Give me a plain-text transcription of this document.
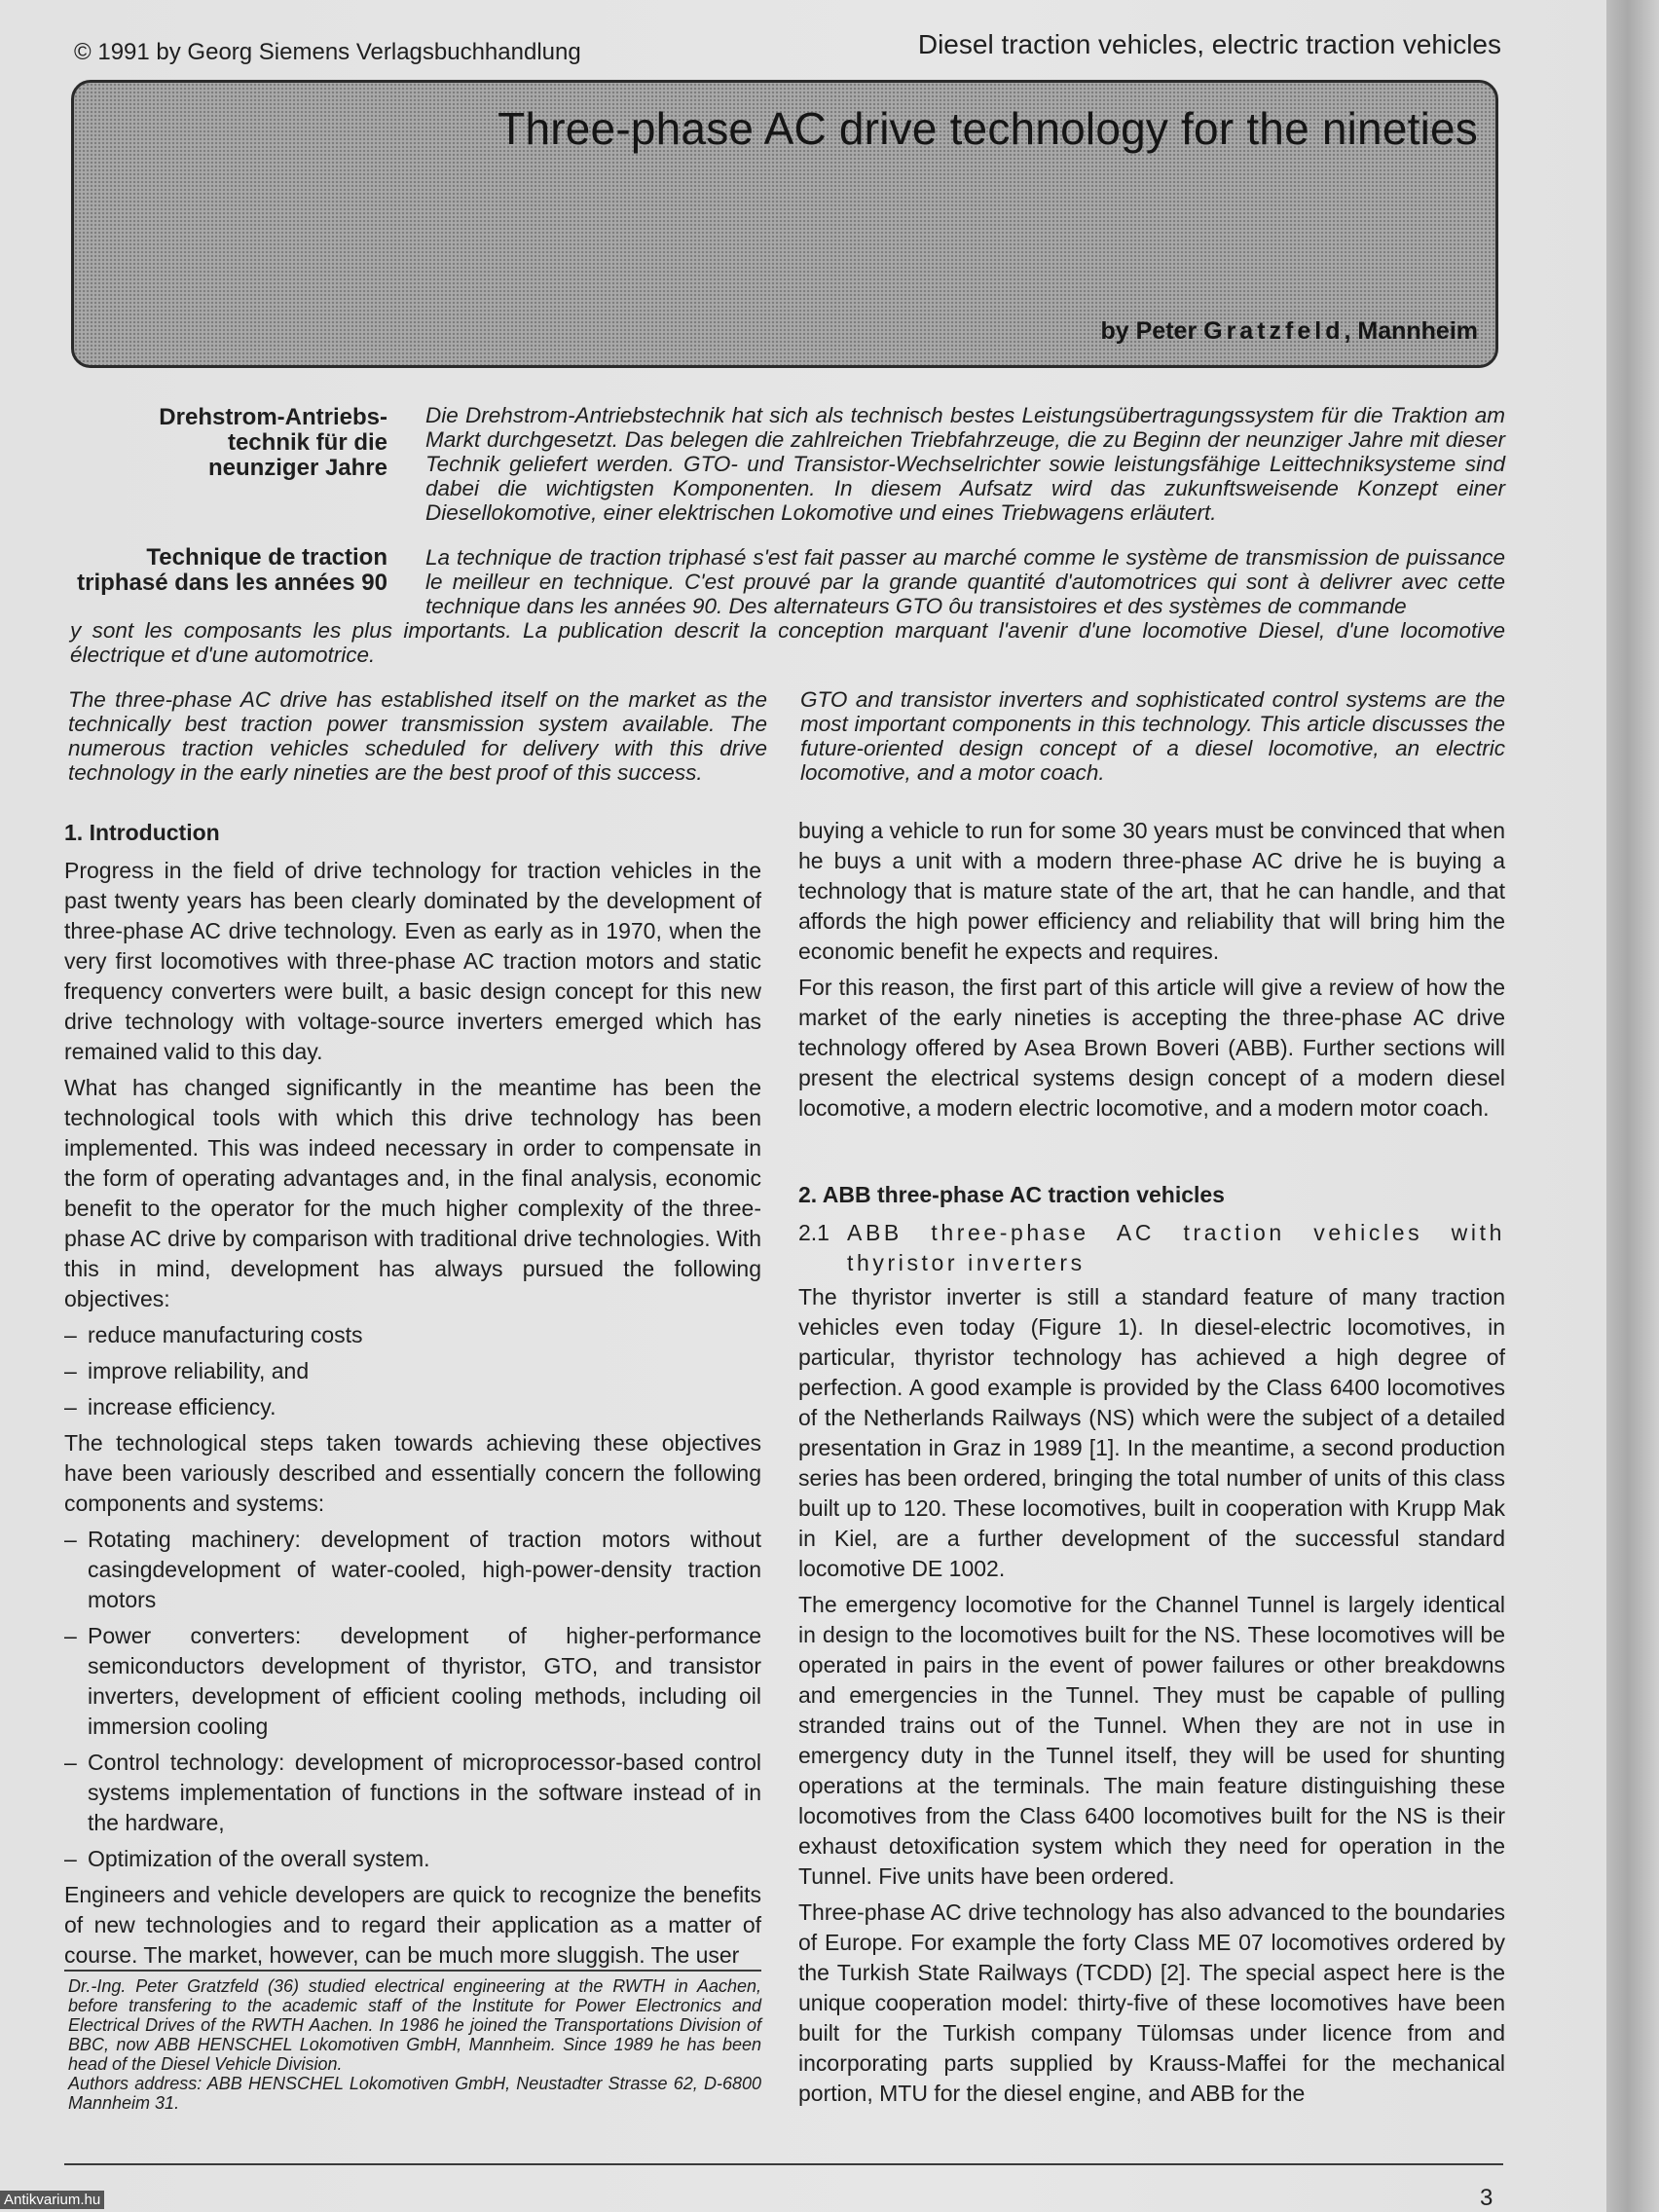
© 1991 by Georg Siemens Verlagsbuchhandlung	Diesel traction vehicles, electric traction vehicles
Three-phase AC drive technology for the nineties
by Peter Gratzfeld, Mannheim
Drehstrom-Antriebs-
technik für die
neunziger Jahre
Die Drehstrom-Antriebstechnik hat sich als technisch bestes Leistungsübertragungssystem für die Traktion am Markt durchgesetzt. Das belegen die zahlreichen Triebfahrzeuge, die zu Beginn der neunziger Jahre mit dieser Technik geliefert werden. GTO- und Transistor-Wechselrichter sowie leistungsfähige Leittechniksysteme sind dabei die wichtigsten Komponenten. In diesem Aufsatz wird das zukunftsweisende Konzept einer Diesellokomotive, einer elektrischen Lokomotive und eines Triebwagens erläutert.
Technique de traction
triphasé dans les années 90
La technique de traction triphasé s'est fait passer au marché comme le système de transmission de puissance le meilleur en technique. C'est prouvé par la grande quantité d'automotrices qui sont à delivrer avec cette technique dans les années 90. Des alternateurs GTO ôu transistoires et des systèmes de commande
y sont les composants les plus importants. La publication descrit la conception marquant l'avenir d'une locomotive Diesel, d'une locomotive électrique et d'une automotrice.
The three-phase AC drive has established itself on the market as the technically best traction power transmission system available. The numerous traction vehicles scheduled for delivery with this drive technology in the early nineties are the best proof of this success.
GTO and transistor inverters and sophisticated control systems are the most important components in this technology. This article discusses the future-oriented design concept of a diesel locomotive, an electric locomotive, and a motor coach.
1. Introduction

Progress in the field of drive technology for traction vehicles in the past twenty years has been clearly dominated by the development of three-phase AC drive technology. Even as early as in 1970, when the very first locomotives with three-phase AC traction motors and static frequency converters were built, a basic design concept for this new drive technology with voltage-source inverters emerged which has remained valid to this day.

What has changed significantly in the meantime has been the technological tools with which this drive technology has been implemented. This was indeed necessary in order to compensate in the form of operating advantages and, in the final analysis, economic benefit to the operator for the much higher complexity of the three-phase AC drive by comparison with traditional drive technologies. With this in mind, development has always pursued the following objectives:

– reduce manufacturing costs
– improve reliability, and
– increase efficiency.

The technological steps taken towards achieving these objectives have been variously described and essentially concern the following components and systems:

– Rotating machinery: development of traction motors without casingdevelopment of water-cooled, high-power-density traction motors
– Power converters: development of higher-performance semiconductors development of thyristor, GTO, and transistor inverters, development of efficient cooling methods, including oil immersion cooling
– Control technology: development of microprocessor-based control systems implementation of functions in the software instead of in the hardware,
– Optimization of the overall system.

Engineers and vehicle developers are quick to recognize the benefits of new technologies and to regard their application as a matter of course. The market, however, can be much more sluggish. The user

buying a vehicle to run for some 30 years must be convinced that when he buys a unit with a modern three-phase AC drive he is buying a technology that is mature state of the art, that he can handle, and that affords the high power efficiency and reliability that will bring him the economic benefit he expects and requires.

For this reason, the first part of this article will give a review of how the market of the early nineties is accepting the three-phase AC drive technology offered by Asea Brown Boveri (ABB). Further sections will present the electrical systems design concept of a modern diesel locomotive, a modern electric locomotive, and a modern motor coach.

2. ABB three-phase AC traction vehicles
2.1 ABB three-phase AC traction vehicles with thyristor inverters

The thyristor inverter is still a standard feature of many traction vehicles even today (Figure 1). In diesel-electric locomotives, in particular, thyristor technology has achieved a high degree of perfection. A good example is provided by the Class 6400 locomotives of the Netherlands Railways (NS) which were the subject of a detailed presentation in Graz in 1989 [1]. In the meantime, a second production series has been ordered, bringing the total number of units of this class built up to 120. These locomotives, built in cooperation with Krupp Mak in Kiel, are a further development of the successful standard locomotive DE 1002.

The emergency locomotive for the Channel Tunnel is largely identical in design to the locomotives built for the NS. These locomotives will be operated in pairs in the event of power failures or other breakdowns and emergencies in the Tunnel. They must be capable of pulling stranded trains out of the Tunnel. When they are not in use in emergency duty in the Tunnel itself, they will be used for shunting operations at the terminals. The main feature distinguishing these locomotives from the Class 6400 locomotives built for the NS is their exhaust detoxification system which they need for operation in the Tunnel. Five units have been ordered.

Three-phase AC drive technology has also advanced to the boundaries of Europe. For example the forty Class ME 07 locomotives ordered by the Turkish State Railways (TCDD) [2]. The special aspect here is the unique cooperation model: thirty-five of these locomotives have been built for the Turkish company Tülomsas under licence from and incorporating parts supplied by Krauss-Maffei for the mechanical portion, MTU for the diesel engine, and ABB for the

Dr.-Ing. Peter Gratzfeld (36) studied electrical engineering at the RWTH in Aachen, before transfering to the academic staff of the Institute for Power Electronics and Electrical Drives of the RWTH Aachen. In 1986 he joined the Transportations Division of BBC, now ABB HENSCHEL Lokomotiven GmbH, Mannheim. Since 1989 he has been head of the Diesel Vehicle Division.

Authors address: ABB HENSCHEL Lokomotiven GmbH, Neustadter Strasse 62, D-6800 Mannheim 31.

3
Antikvarium.hu
